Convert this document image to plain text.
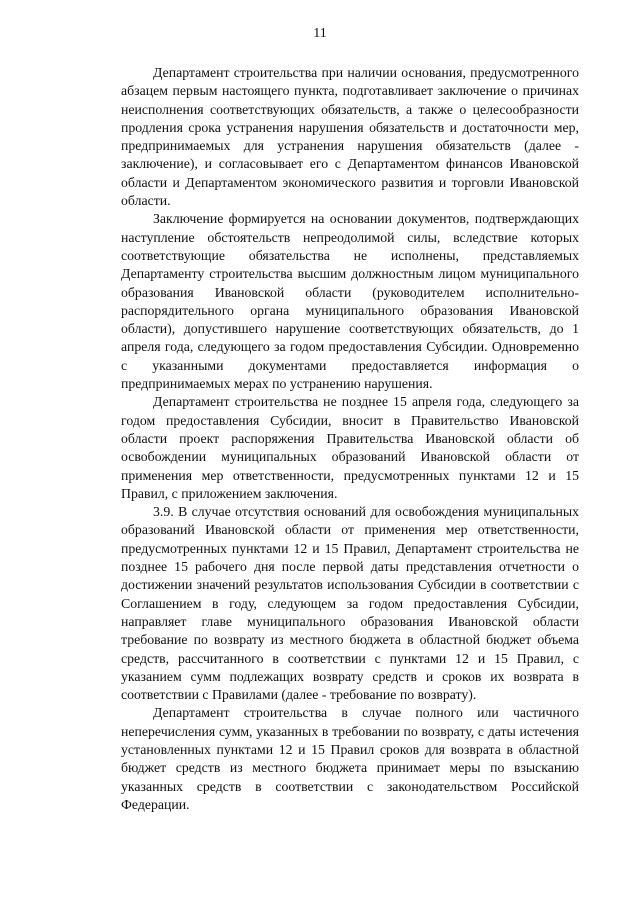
11

Департамент строительства при наличии основания, предусмотренного абзацем первым настоящего пункта, подготавливает заключение о причинах неисполнения соответствующих обязательств, а также о целесообразности продления срока устранения нарушения обязательств и достаточности мер, предпринимаемых для устранения нарушения обязательств (далее - заключение), и согласовывает его с Департаментом финансов Ивановской области и Департаментом экономического развития и торговли Ивановской области.

Заключение формируется на основании документов, подтверждающих наступление обстоятельств непреодолимой силы, вследствие которых соответствующие обязательства не исполнены, представляемых Департаменту строительства высшим должностным лицом муниципального образования Ивановской области (руководителем исполнительно-распорядительного органа муниципального образования Ивановской области), допустившего нарушение соответствующих обязательств, до 1 апреля года, следующего за годом предоставления Субсидии. Одновременно с указанными документами предоставляется информация о предпринимаемых мерах по устранению нарушения.

Департамент строительства не позднее 15 апреля года, следующего за годом предоставления Субсидии, вносит в Правительство Ивановской области проект распоряжения Правительства Ивановской области об освобождении муниципальных образований Ивановской области от применения мер ответственности, предусмотренных пунктами 12 и 15 Правил, с приложением заключения.

3.9. В случае отсутствия оснований для освобождения муниципальных образований Ивановской области от применения мер ответственности, предусмотренных пунктами 12 и 15 Правил, Департамент строительства не позднее 15 рабочего дня после первой даты представления отчетности о достижении значений результатов использования Субсидии в соответствии с Соглашением в году, следующем за годом предоставления Субсидии, направляет главе муниципального образования Ивановской области требование по возврату из местного бюджета в областной бюджет объема средств, рассчитанного в соответствии с пунктами 12 и 15 Правил, с указанием сумм подлежащих возврату средств и сроков их возврата в соответствии с Правилами (далее - требование по возврату).

Департамент строительства в случае полного или частичного неперечисления сумм, указанных в требовании по возврату, с даты истечения установленных пунктами 12 и 15 Правил сроков для возврата в областной бюджет средств из местного бюджета принимает меры по взысканию указанных средств в соответствии с законодательством Российской Федерации.
